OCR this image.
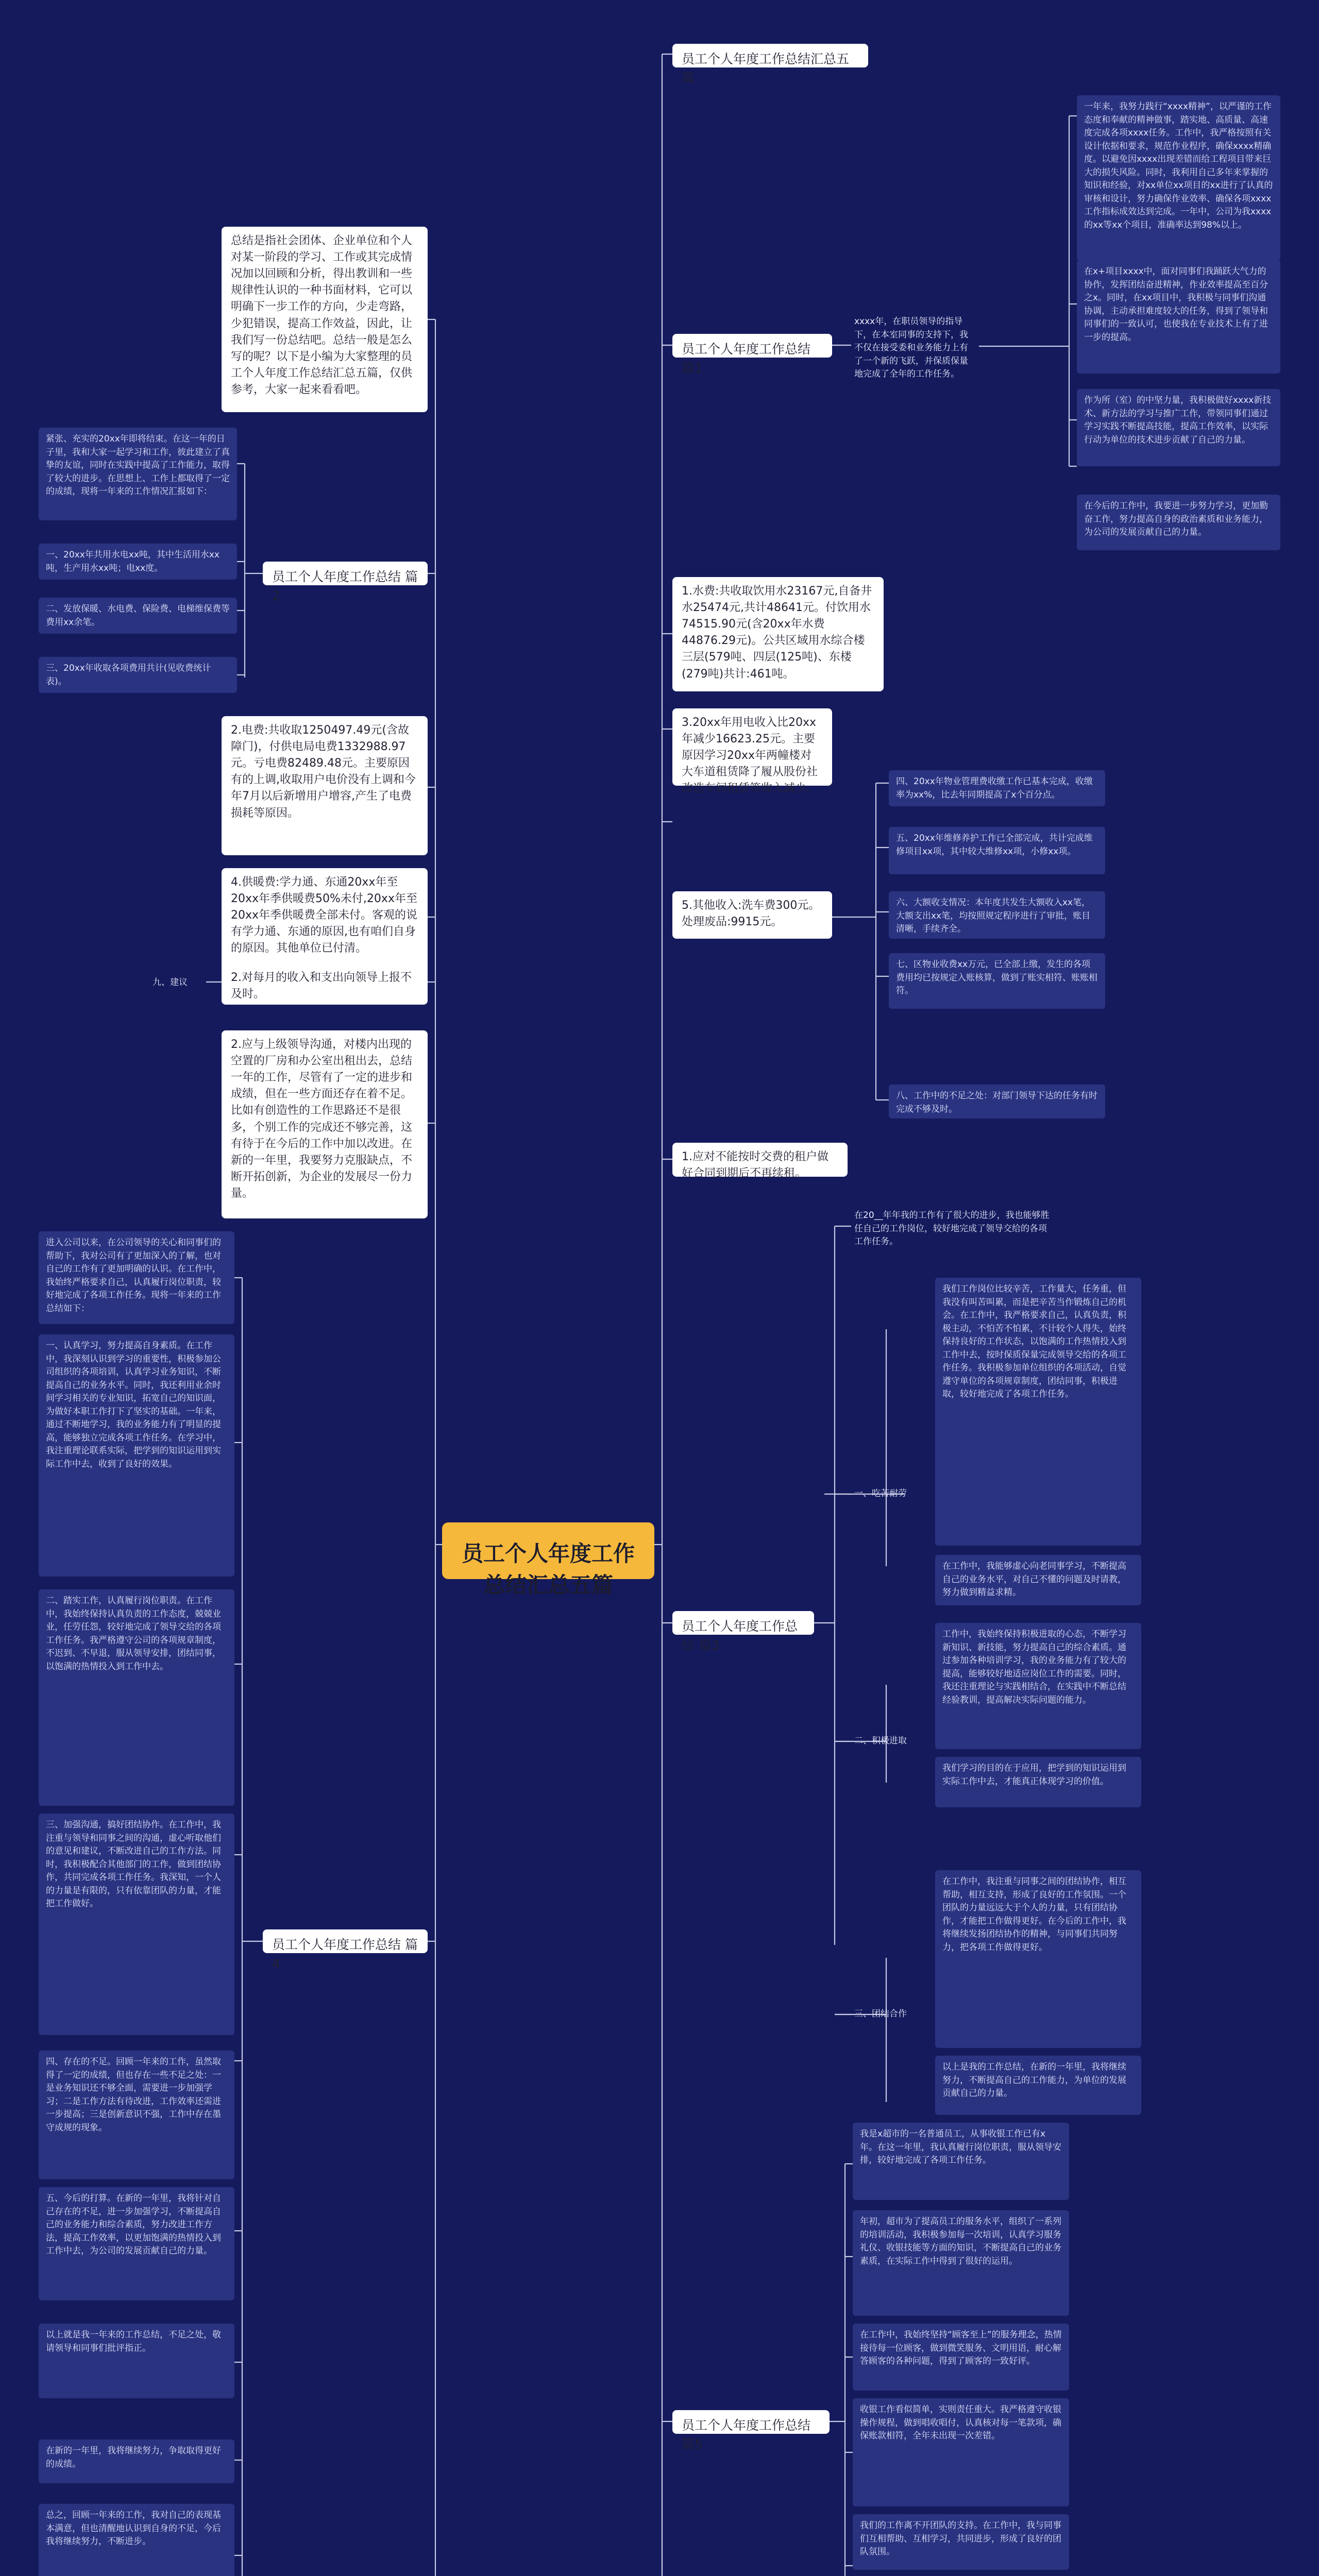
员工个人年度工作总结汇总五篇
员工个人年度工作总结汇总五篇
员工个人年度工作总结 篇1
xxxx年，在职员领导的指导下，在本室同事的支持下，我不仅在接受委和业务能力上有了一个新的飞跃，并保质保量地完成了全年的工作任务。
一年来，我努力践行“xxxx精神”，以严谨的工作态度和奉献的精神做事，踏实地、高质量、高速度完成各项xxxx任务。工作中，我严格按照有关设计依据和要求，规范作业程序，确保xxxx精确度。以避免因xxxx出现差错而给工程项目带来巨大的损失风险。同时，我利用自己多年来掌握的知识和经验，对xx单位xx项目的xx进行了认真的审核和设计，努力确保作业效率、确保各项xxxx工作指标成效达到完成。一年中，公司为我xxxx的xx等xx个项目，准确率达到98%以上。
在x+项目xxxx中，面对同事们我踊跃大气力的协作，发挥团结奋进精神，作业效率提高至百分之x。同时，在xx项目中，我积极与同事们沟通协调，主动承担难度较大的任务，得到了领导和同事们的一致认可，也使我在专业技术上有了进一步的提高。
作为所（室）的中坚力量，我积极做好xxxx新技术、新方法的学习与推广工作，带领同事们通过学习实践不断提高技能，提高工作效率，以实际行动为单位的技术进步贡献了自己的力量。
在今后的工作中，我要进一步努力学习，更加勤奋工作，努力提高自身的政治素质和业务能力，为公司的发展贡献自己的力量。
1.水费:共收取饮用水23167元,自备井水25474元,共计48641元。付饮用水74515.90元(含20xx年水费44876.29元)。公共区域用水综合楼三层(579吨、四层(125吨)、东楼(279吨)共计:461吨。
3.20xx年用电收入比20xx年减少16623.25元。主要原因学习20xx年两幢楼对大车道租赁降了履从股份社改造车间租赁等收入减少。
5.其他收入:洗车费300元。处理废品:9915元。
四、20xx年物业管理费收缴工作已基本完成，收缴率为xx%，比去年同期提高了x个百分点。
五、20xx年维修养护工作已全部完成，共计完成维修项目xx项，其中较大维修xx项，小修xx项。
六、大额收支情况：本年度共发生大额收入xx笔，大额支出xx笔，均按照规定程序进行了审批，账目清晰，手续齐全。
七、区物业收费xx万元，已全部上缴，发生的各项费用均已按规定入账核算，做到了账实相符、账账相符。
八、工作中的不足之处：对部门领导下达的任务有时完成不够及时。
1.应对不能按时交费的租户做好合同到期后不再续租。
员工个人年度工作总结 篇3
在20__年年我的工作有了很大的进步，我也能够胜任自己的工作岗位，较好地完成了领导交给的各项工作任务。
一、吃苦耐劳
我们工作岗位比较辛苦，工作量大，任务重，但我没有叫苦叫累，而是把辛苦当作锻炼自己的机会。在工作中，我严格要求自己，认真负责，积极主动，不怕苦不怕累，不计较个人得失，始终保持良好的工作状态，以饱满的工作热情投入到工作中去，按时保质保量完成领导交给的各项工作任务。我积极参加单位组织的各项活动，自觉遵守单位的各项规章制度，团结同事，积极进取，较好地完成了各项工作任务。
在工作中，我能够虚心向老同事学习，不断提高自己的业务水平，对自己不懂的问题及时请教，努力做到精益求精。
二、积极进取
工作中，我始终保持积极进取的心态，不断学习新知识、新技能，努力提高自己的综合素质。通过参加各种培训学习，我的业务能力有了较大的提高，能够较好地适应岗位工作的需要。同时，我还注重理论与实践相结合，在实践中不断总结经验教训，提高解决实际问题的能力。
我们学习的目的在于应用，把学到的知识运用到实际工作中去，才能真正体现学习的价值。
三、团结合作
在工作中，我注重与同事之间的团结协作，相互帮助，相互支持，形成了良好的工作氛围。一个团队的力量远远大于个人的力量，只有团结协作，才能把工作做得更好。在今后的工作中，我将继续发扬团结协作的精神，与同事们共同努力，把各项工作做得更好。
以上是我的工作总结，在新的一年里，我将继续努力，不断提高自己的工作能力，为单位的发展贡献自己的力量。
员工个人年度工作总结 篇5
我是x超市的一名普通员工，从事收银工作已有x年。在这一年里，我认真履行岗位职责，服从领导安排，较好地完成了各项工作任务。
年初，超市为了提高员工的服务水平，组织了一系列的培训活动，我积极参加每一次培训，认真学习服务礼仪、收银技能等方面的知识，不断提高自己的业务素质，在实际工作中得到了很好的运用。
在工作中，我始终坚持“顾客至上”的服务理念，热情接待每一位顾客，做到微笑服务、文明用语，耐心解答顾客的各种问题，得到了顾客的一致好评。
收银工作看似简单，实则责任重大。我严格遵守收银操作规程，做到唱收唱付，认真核对每一笔款项，确保账款相符，全年未出现一次差错。
我们的工作离不开团队的支持。在工作中，我与同事们互相帮助、互相学习，共同进步，形成了良好的团队氛围。
总结是指社会团体、企业单位和个人对某一阶段的学习、工作或其完成情况加以回顾和分析，得出教训和一些规律性认识的一种书面材料，它可以明确下一步工作的方向，少走弯路，少犯错误，提高工作效益，因此，让我们写一份总结吧。总结一般是怎么写的呢？以下是小编为大家整理的员工个人年度工作总结汇总五篇，仅供参考，大家一起来看看吧。
员工个人年度工作总结 篇2
紧张、充实的20xx年即将结束。在这一年的日子里，我和大家一起学习和工作，彼此建立了真挚的友谊，同时在实践中提高了工作能力，取得了较大的进步。在思想上、工作上都取得了一定的成绩，现将一年来的工作情况汇报如下：
一、20xx年共用水电xx吨，其中生活用水xx吨，生产用水xx吨；电xx度。
二、发放保暖、水电费、保险费、电梯维保费等费用xx余笔。
三、20xx年收取各项费用共计(见收费统计表)。
2.电费:共收取1250497.49元(含故障门)，付供电局电费1332988.97元。亏电费82489.48元。主要原因有的上调,收取用户电价没有上调和今年7月以后新增用户增容,产生了电费损耗等原因。
4.供暖费:学力通、东通20xx年至20xx年季供暖费50%未付,20xx年至20xx年季供暖费全部未付。客观的说有学力通、东通的原因,也有咱们自身的原因。其他单位已付清。
九、建议	2.对每月的收入和支出向领导上报不及时。
2.应与上级领导沟通，对楼内出现的空置的厂房和办公室出租出去，总结一年的工作，尽管有了一定的进步和成绩，但在一些方面还存在着不足。比如有创造性的工作思路还不是很多，个别工作的完成还不够完善，这有待于在今后的工作中加以改进。在新的一年里，我要努力克服缺点，不断开拓创新，为企业的发展尽一份力量。
员工个人年度工作总结 篇4
进入公司以来，在公司领导的关心和同事们的帮助下，我对公司有了更加深入的了解，也对自己的工作有了更加明确的认识。在工作中，我始终严格要求自己，认真履行岗位职责，较好地完成了各项工作任务。现将一年来的工作总结如下：
一、认真学习，努力提高自身素质。在工作中，我深刻认识到学习的重要性，积极参加公司组织的各项培训，认真学习业务知识，不断提高自己的业务水平。同时，我还利用业余时间学习相关的专业知识，拓宽自己的知识面，为做好本职工作打下了坚实的基础。一年来，通过不断地学习，我的业务能力有了明显的提高，能够独立完成各项工作任务。在学习中，我注重理论联系实际，把学到的知识运用到实际工作中去，收到了良好的效果。
二、踏实工作，认真履行岗位职责。在工作中，我始终保持认真负责的工作态度，兢兢业业，任劳任怨，较好地完成了领导交给的各项工作任务。我严格遵守公司的各项规章制度，不迟到、不早退，服从领导安排，团结同事，以饱满的热情投入到工作中去。
三、加强沟通，搞好团结协作。在工作中，我注重与领导和同事之间的沟通，虚心听取他们的意见和建议，不断改进自己的工作方法。同时，我积极配合其他部门的工作，做到团结协作，共同完成各项工作任务。我深知，一个人的力量是有限的，只有依靠团队的力量，才能把工作做好。
四、存在的不足。回顾一年来的工作，虽然取得了一定的成绩，但也存在一些不足之处：一是业务知识还不够全面，需要进一步加强学习；二是工作方法有待改进，工作效率还需进一步提高；三是创新意识不强，工作中存在墨守成规的现象。
五、今后的打算。在新的一年里，我将针对自己存在的不足，进一步加强学习，不断提高自己的业务能力和综合素质，努力改进工作方法，提高工作效率，以更加饱满的热情投入到工作中去，为公司的发展贡献自己的力量。
以上就是我一年来的工作总结，不足之处，敬请领导和同事们批评指正。
在新的一年里，我将继续努力，争取取得更好的成绩。
总之，回顾一年来的工作，我对自己的表现基本满意，但也清醒地认识到自身的不足，今后我将继续努力，不断进步。
